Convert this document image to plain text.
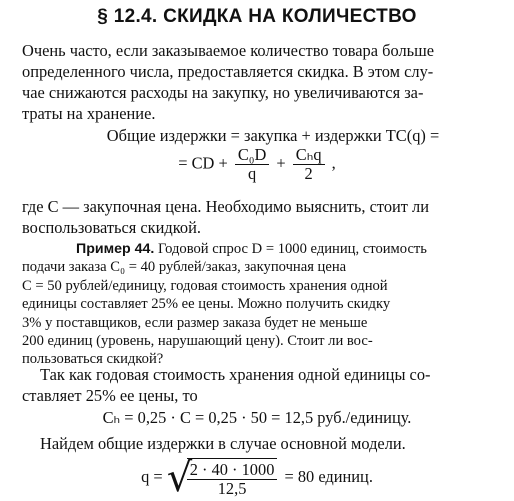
§ 12.4. СКИДКА НА КОЛИЧЕСТВО
Очень часто, если заказываемое количество товара больше
определенного числа, предоставляется скидка. В этом слу-
чае снижаются расходы на закупку, но увеличиваются за-
траты на хранение.
Общие издержки = закупка + издержки TC(q) =
= CD + $\frac{\text{C₀D}}{q} + \frac{\text{Cₕq}}{2}$ ,
где C — закупочная цена. Необходимо выяснить, стоит ли
воспользоваться скидкой.
Пример 44. Годовой спрос D = 1000 единиц, стоимость
подачи заказа C₀ = 40 рублей/заказ, закупочная цена
C = 50 рублей/единицу, годовая стоимость хранения одной
единицы составляет 25% ее цены. Можно получить скидку
3% у поставщиков, если размер заказа будет не меньше
200 единиц (уровень, нарушающий цену). Стоит ли вос-
пользоваться скидкой?
Так как годовая стоимость хранения одной единицы со-
ставляет 25% ее цены, то
Cₕ = 0,25 · C = 0,25 · 50 = 12,5 руб./единицу.
Найдем общие издержки в случае основной модели.
q = √
$\frac{2 \cdot 40 \cdot 1000}{12,5} = 80$ единиц.
